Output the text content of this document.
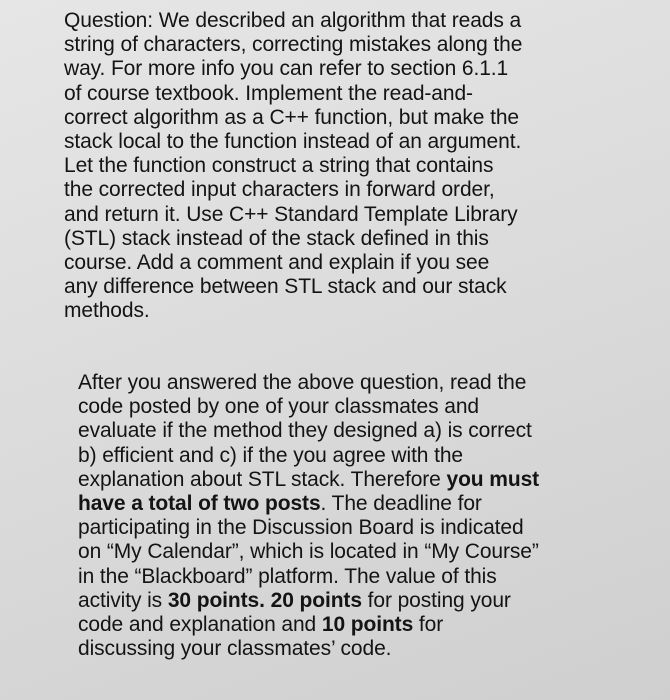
Question: We described an algorithm that reads a
string of characters, correcting mistakes along the
way. For more info you can refer to section 6.1.1
of course textbook. Implement the read-and-
correct algorithm as a C++ function, but make the
stack local to the function instead of an argument.
Let the function construct a string that contains
the corrected input characters in forward order,
and return it. Use C++ Standard Template Library
(STL) stack instead of the stack defined in this
course. Add a comment and explain if you see
any difference between STL stack and our stack
methods.
After you answered the above question, read the
code posted by one of your classmates and
evaluate if the method they designed a) is correct
b) efficient and c) if the you agree with the
explanation about STL stack. Therefore you must
have a total of two posts. The deadline for
participating in the Discussion Board is indicated
on “My Calendar”, which is located in “My Course”
in the “Blackboard” platform. The value of this
activity is 30 points. 20 points for posting your
code and explanation and 10 points for
discussing your classmates’ code.
